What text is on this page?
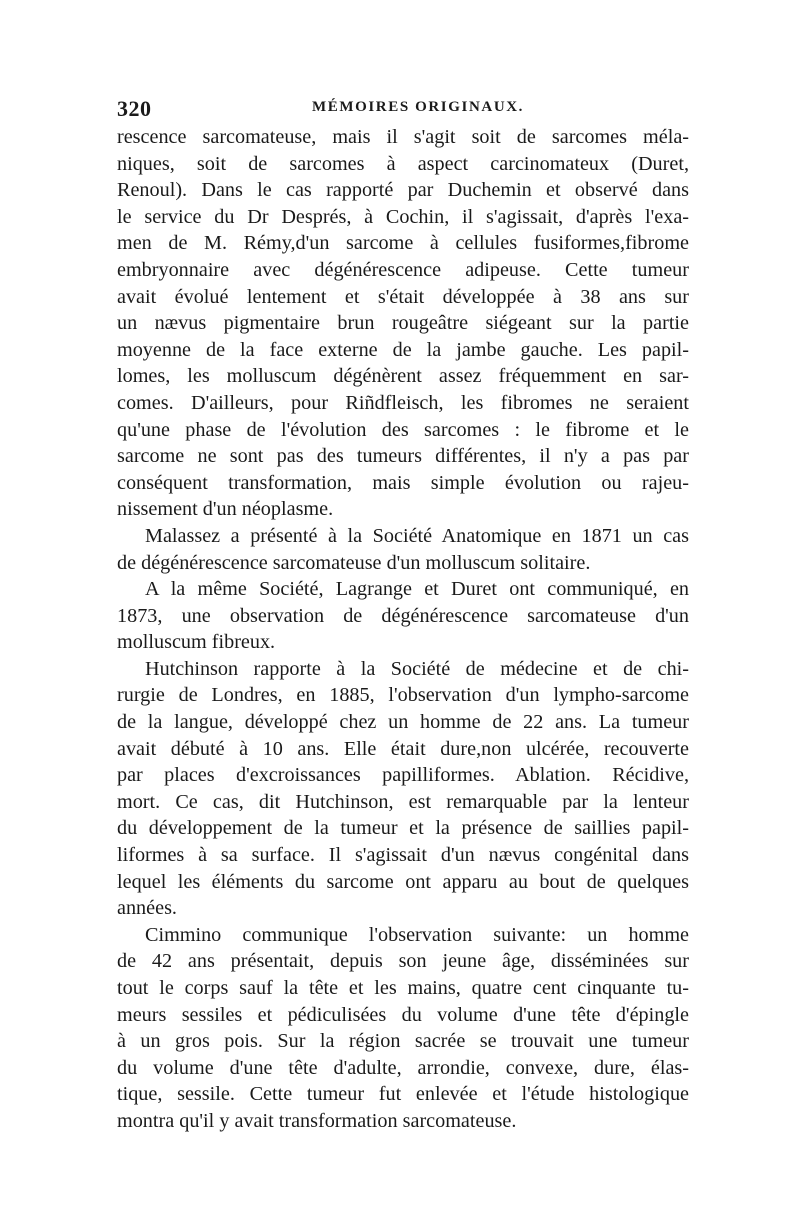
320	MÉMOIRES ORIGINAUX.
rescence sarcomateuse, mais il s'agit soit de sarcomes méla-
niques, soit de sarcomes à aspect carcinomateux (Duret,
Renoul). Dans le cas rapporté par Duchemin et observé dans
le service du Dr Després, à Cochin, il s'agissait, d'après l'exa-
men de M. Rémy,d'un sarcome à cellules fusiformes,fibrome
embryonnaire avec dégénérescence adipeuse. Cette tumeur
avait évolué lentement et s'était développée à 38 ans sur
un nævus pigmentaire brun rougeâtre siégeant sur la partie
moyenne de la face externe de la jambe gauche. Les papil-
lomes, les molluscum dégénèrent assez fréquemment en sar-
comes. D'ailleurs, pour Riñdfleisch, les fibromes ne seraient
qu'une phase de l'évolution des sarcomes : le fibrome et le
sarcome ne sont pas des tumeurs différentes, il n'y a pas par
conséquent transformation, mais simple évolution ou rajeu-
nissement d'un néoplasme.
Malassez a présenté à la Société Anatomique en 1871 un cas
de dégénérescence sarcomateuse d'un molluscum solitaire.
A la même Société, Lagrange et Duret ont communiqué, en
1873, une observation de dégénérescence sarcomateuse d'un
molluscum fibreux.
Hutchinson rapporte à la Société de médecine et de chi-
rurgie de Londres, en 1885, l'observation d'un lympho-sarcome
de la langue, développé chez un homme de 22 ans. La tumeur
avait débuté à 10 ans. Elle était dure,non ulcérée, recouverte
par places d'excroissances papilliformes. Ablation. Récidive,
mort. Ce cas, dit Hutchinson, est remarquable par la lenteur
du développement de la tumeur et la présence de saillies papil-
liformes à sa surface. Il s'agissait d'un nævus congénital dans
lequel les éléments du sarcome ont apparu au bout de quelques
années.
Cimmino communique l'observation suivante: un homme
de 42 ans présentait, depuis son jeune âge, disséminées sur
tout le corps sauf la tête et les mains, quatre cent cinquante tu-
meurs sessiles et pédiculisées du volume d'une tête d'épingle
à un gros pois. Sur la région sacrée se trouvait une tumeur
du volume d'une tête d'adulte, arrondie, convexe, dure, élas-
tique, sessile. Cette tumeur fut enlevée et l'étude histologique
montra qu'il y avait transformation sarcomateuse.
